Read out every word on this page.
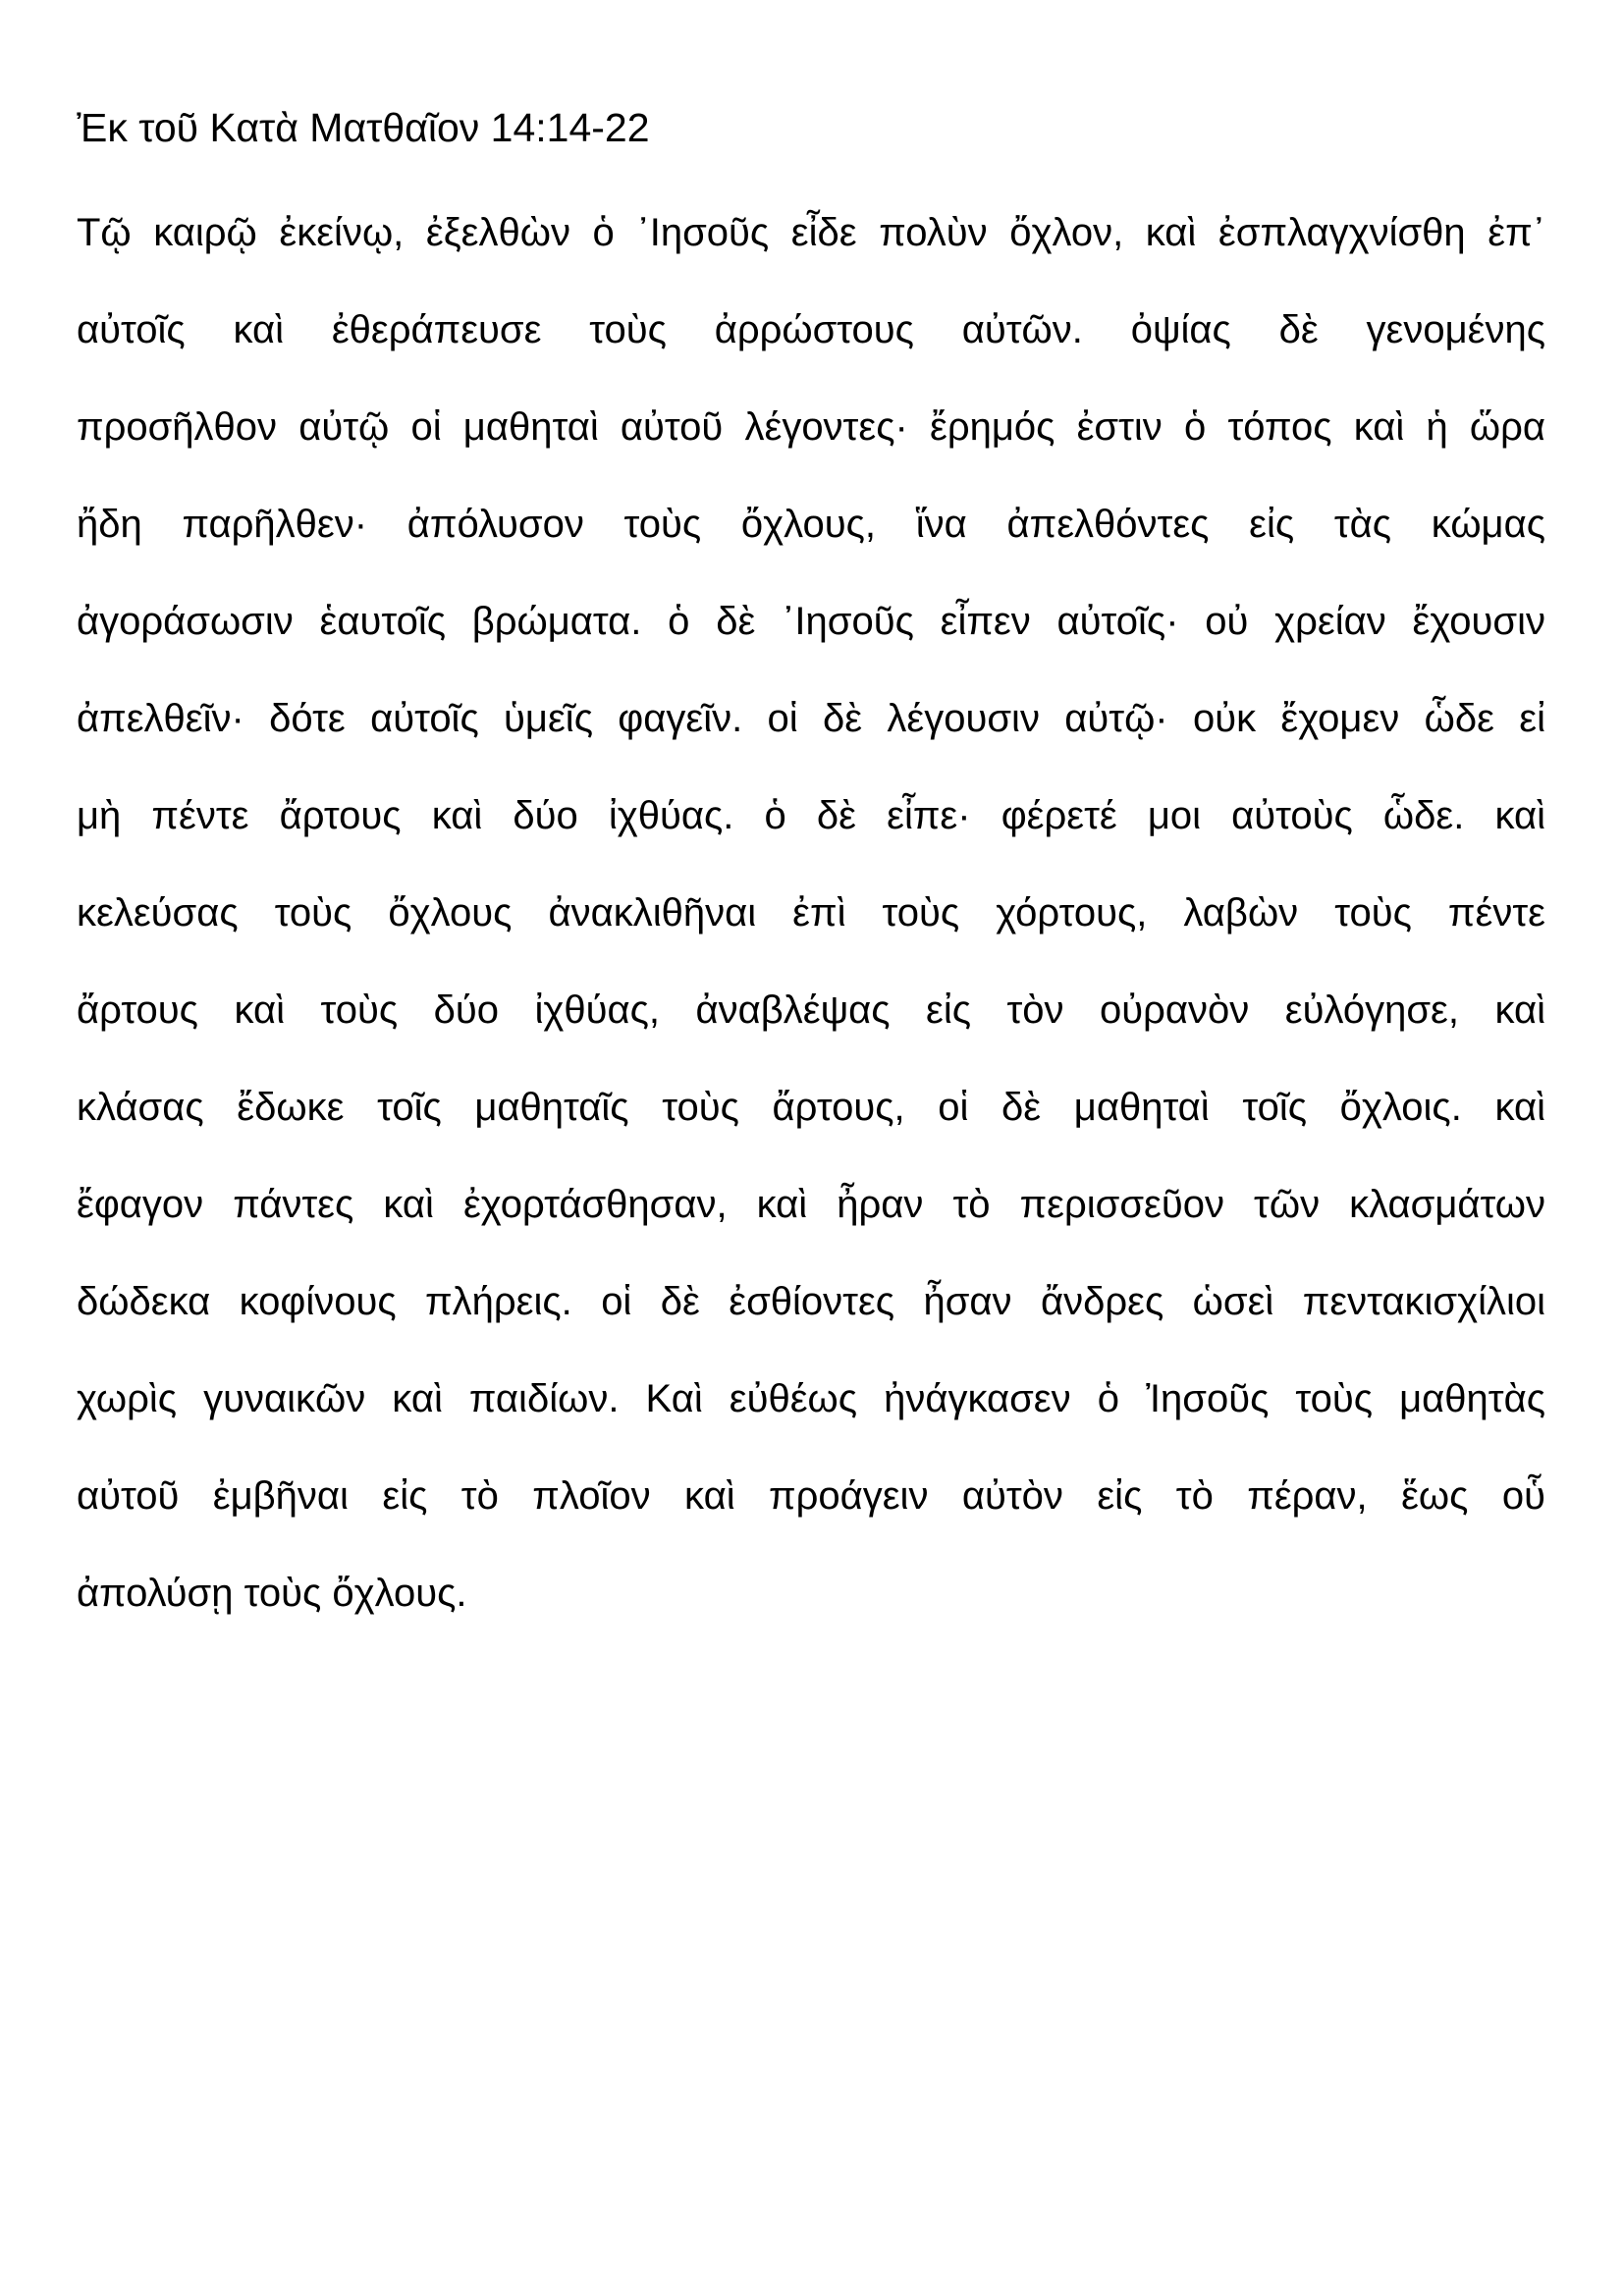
Ἐκ τοῦ Κατὰ Ματθαῖον 14:14-22
Τῷ καιρῷ ἐκείνῳ, ἐξελθὼν ὁ ᾿Ιησοῦς εἶδε πολὺν ὄχλον, καὶ ἐσπλαγχνίσθη ἐπ᾿
αὐτοῖς καὶ ἐθεράπευσε τοὺς ἀρρώστους αὐτῶν. ὀψίας δὲ γενομένης
προσῆλθον αὐτῷ οἱ μαθηταὶ αὐτοῦ λέγοντες· ἔρημός ἐστιν ὁ τόπος καὶ ἡ ὥρα
ἤδη παρῆλθεν· ἀπόλυσον τοὺς ὄχλους, ἵνα ἀπελθόντες εἰς τὰς κώμας
ἀγοράσωσιν ἑαυτοῖς βρώματα. ὁ δὲ ᾿Ιησοῦς εἶπεν αὐτοῖς· οὐ χρείαν ἔχουσιν
ἀπελθεῖν· δότε αὐτοῖς ὑμεῖς φαγεῖν. οἱ δὲ λέγουσιν αὐτῷ· οὐκ ἔχομεν ὧδε εἰ
μὴ πέντε ἄρτους καὶ δύο ἰχθύας. ὁ δὲ εἶπε· φέρετέ μοι αὐτοὺς ὧδε. καὶ
κελεύσας τοὺς ὄχλους ἀνακλιθῆναι ἐπὶ τοὺς χόρτους, λαβὼν τοὺς πέντε
ἄρτους καὶ τοὺς δύο ἰχθύας, ἀναβλέψας εἰς τὸν οὐρανὸν εὐλόγησε, καὶ
κλάσας ἔδωκε τοῖς μαθηταῖς τοὺς ἄρτους, οἱ δὲ μαθηταὶ τοῖς ὄχλοις. καὶ
ἔφαγον πάντες καὶ ἐχορτάσθησαν, καὶ ἦραν τὸ περισσεῦον τῶν κλασμάτων
δώδεκα κοφίνους πλήρεις. οἱ δὲ ἐσθίοντες ἦσαν ἄνδρες ὡσεὶ πεντακισχίλιοι
χωρὶς γυναικῶν καὶ παιδίων. Καὶ εὐθέως ἠνάγκασεν ὁ Ἰησοῦς τοὺς μαθητὰς
αὐτοῦ ἐμβῆναι εἰς τὸ πλοῖον καὶ προάγειν αὐτὸν εἰς τὸ πέραν, ἕως οὗ
ἀπολύσῃ τοὺς ὄχλους.
